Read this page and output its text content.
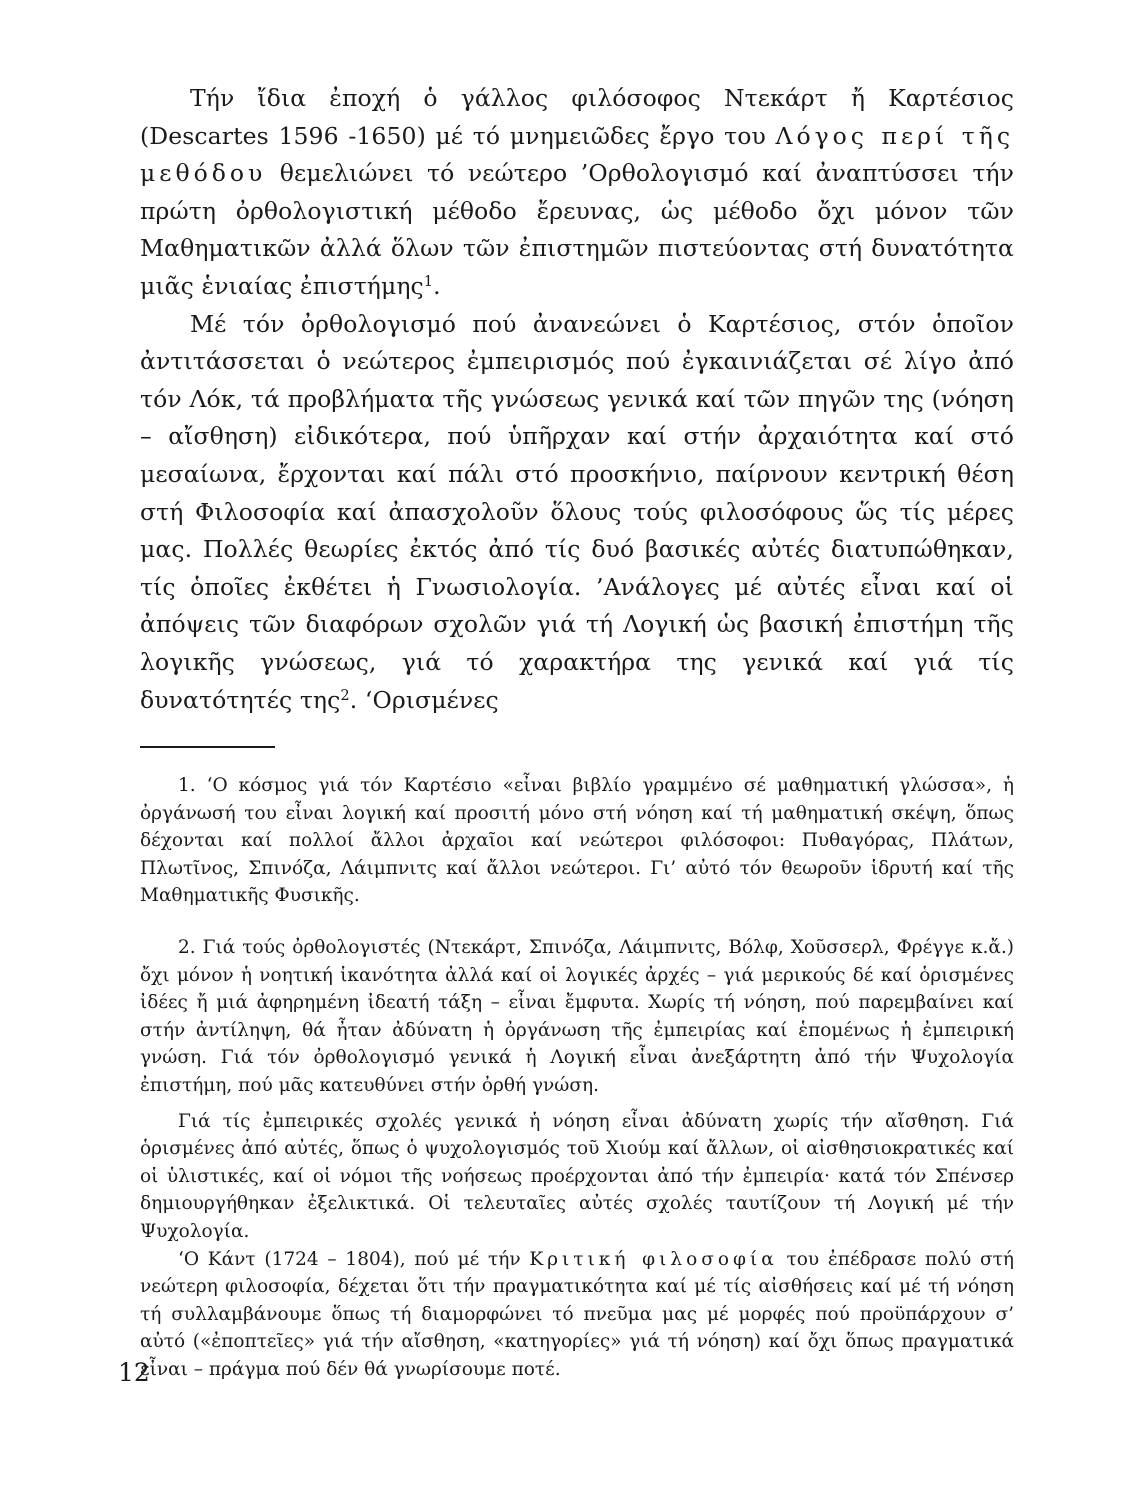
Τήν ἴδια ἐποχή ὁ γάλλος φιλόσοφος Ντεκάρτ ἤ Καρτέσιος (Descartes 1596 -1650) μέ τό μνημειῶδες ἔργο του Λόγος περί τῆς μεθόδου θεμελιώνει τό νεώτερο ’Ορθολογισμό καί ἀναπτύσσει τήν πρώτη ὀρθολογιστική μέθοδο ἔρευνας, ὡς μέθοδο ὄχι μόνον τῶν Μαθηματικῶν ἀλλά ὅλων τῶν ἐπιστημῶν πιστεύοντας στή δυνατότητα μιᾶς ἑνιαίας ἐπιστήμης$^1$.

Μέ τόν ὀρθολογισμό πού ἀνανεώνει ὁ Καρτέσιος, στόν ὁποῖον ἀντιτάσσεται ὁ νεώτερος ἐμπειρισμός πού ἐγκαινιάζεται σέ λίγο ἀπό τόν Λόκ, τά προβλήματα τῆς γνώσεως γενικά καί τῶν πηγῶν της (νόηση – αἴσθηση) εἰδικότερα, πού ὑπῆρχαν καί στήν ἀρχαιότητα καί στό μεσαίωνα, ἔρχονται καί πάλι στό προσκήνιο, παίρνουν κεντρική θέση στή Φιλοσοφία καί ἀπασχολοῦν ὅλους τούς φιλοσόφους ὥς τίς μέρες μας. Πολλές θεωρίες ἐκτός ἀπό τίς δυό βασικές αὐτές διατυπώθηκαν, τίς ὁποῖες ἐκθέτει ἡ Γνωσιολογία. ’Ανάλογες μέ αὐτές εἶναι καί οἱ ἀπόψεις τῶν διαφόρων σχολῶν γιά τή Λογική ὡς βασική ἐπιστήμη τῆς λογικῆς γνώσεως, γιά τό χαρακτήρα της γενικά καί γιά τίς δυνατότητές της$^2$. ‘Ορισμένες

1. ‘Ο κόσμος γιά τόν Καρτέσιο «εἶναι βιβλίο γραμμένο σέ μαθηματική γλώσσα», ἡ ὀργάνωσή του εἶναι λογική καί προσιτή μόνο στή νόηση καί τή μαθηματική σκέψη, ὅπως δέχονται καί πολλοί ἄλλοι ἀρχαῖοι καί νεώτεροι φιλόσοφοι: Πυθαγόρας, Πλάτων, Πλωτῖνος, Σπινόζα, Λάιμπνιτς καί ἄλλοι νεώτεροι. Γι’ αὐτό τόν θεωροῦν ἱδρυτή καί τῆς Μαθηματικῆς Φυσικῆς.

2. Γιά τούς ὀρθολογιστές (Ντεκάρτ, Σπινόζα, Λάιμπνιτς, Βόλφ, Χοῦσσερλ, Φρέγγε κ.ἄ.) ὄχι μόνον ἡ νοητική ἱκανότητα ἀλλά καί οἱ λογικές ἀρχές – γιά μερικούς δέ καί ὁρισμένες ἰδέες ἤ μιά ἀφηρημένη ἰδεατή τάξη – εἶναι ἔμφυτα. Χωρίς τή νόηση, πού παρεμβαίνει καί στήν ἀντίληψη, θά ἦταν ἀδύνατη ἡ ὀργάνωση τῆς ἐμπειρίας καί ἑπομένως ἡ ἐμπειρική γνώση. Γιά τόν ὀρθολογισμό γενικά ἡ Λογική εἶναι ἀνεξάρτητη ἀπό τήν Ψυχολογία ἐπιστήμη, πού μᾶς κατευθύνει στήν ὀρθή γνώση.

Γιά τίς ἐμπειρικές σχολές γενικά ἡ νόηση εἶναι ἀδύνατη χωρίς τήν αἴσθηση. Γιά ὁρισμένες ἀπό αὐτές, ὅπως ὁ ψυχολογισμός τοῦ Χιούμ καί ἄλλων, οἱ αἰσθησιοκρατικές καί οἱ ὑλιστικές, καί οἱ νόμοι τῆς νοήσεως προέρχονται ἀπό τήν ἐμπειρία· κατά τόν Σπένσερ δημιουργήθηκαν ἐξελικτικά. Οἱ τελευταῖες αὐτές σχολές ταυτίζουν τή Λογική μέ τήν Ψυχολογία.

‘Ο Κάντ (1724 – 1804), πού μέ τήν Κριτική φιλοσοφία του ἐπέδρασε πολύ στή νεώτερη φιλοσοφία, δέχεται ὅτι τήν πραγματικότητα καί μέ τίς αἰσθήσεις καί μέ τή νόηση τή συλλαμβάνουμε ὅπως τή διαμορφώνει τό πνεῦμα μας μέ μορφές πού προϋπάρχουν σ’ αὐτό («ἐποπτεῖες» γιά τήν αἴσθηση, «κατηγορίες» γιά τή νόηση) καί ὄχι ὅπως πραγματικά εἶναι – πράγμα πού δέν θά γνωρίσουμε ποτέ.

12
